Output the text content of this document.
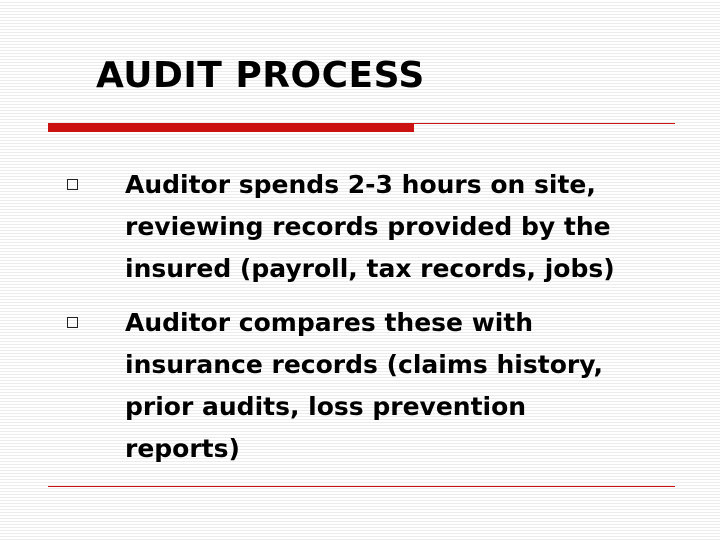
AUDIT PROCESS
Auditor spends 2-3 hours on site,
reviewing records provided by the
insured (payroll, tax records, jobs)
Auditor compares these with
insurance records (claims history,
prior audits, loss prevention
reports)
